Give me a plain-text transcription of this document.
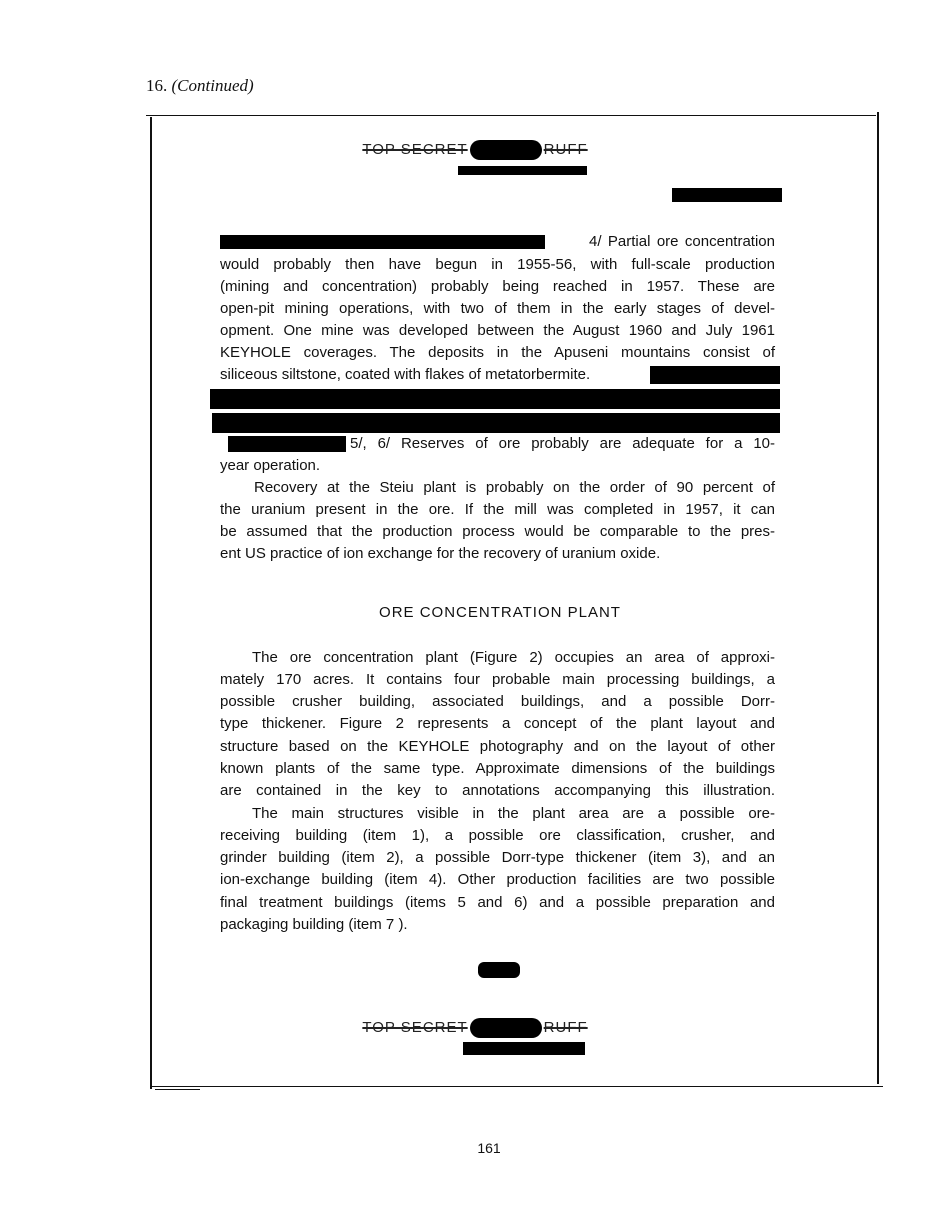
16. (Continued)
TOP SECRET	RUFF
4/ Partial ore concentration
would probably then have begun in 1955-56, with full-scale production
(mining and concentration) probably being reached in 1957. These are
open-pit mining operations, with two of them in the early stages of devel-
opment. One mine was developed between the August 1960 and July 1961
KEYHOLE coverages. The deposits in the Apuseni mountains consist of
siliceous siltstone, coated with flakes of metatorbermite.
5/, 6/ Reserves of ore probably are adequate for a 10-
year operation.
Recovery at the Steiu plant is probably on the order of 90 percent of
the uranium present in the ore. If the mill was completed in 1957, it can
be assumed that the production process would be comparable to the pres-
ent US practice of ion exchange for the recovery of uranium oxide.
ORE CONCENTRATION PLANT
The ore concentration plant (Figure 2) occupies an area of approxi-
mately 170 acres. It contains four probable main processing buildings, a
possible crusher building, associated buildings, and a possible Dorr-
type thickener. Figure 2 represents a concept of the plant layout and
structure based on the KEYHOLE photography and on the layout of other
known plants of the same type. Approximate dimensions of the buildings
are contained in the key to annotations accompanying this illustration.
The main structures visible in the plant area are a possible ore-
receiving building (item 1), a possible ore classification, crusher, and
grinder building (item 2), a possible Dorr-type thickener (item 3), and an
ion-exchange building (item 4). Other production facilities are two possible
final treatment buildings (items 5 and 6) and a possible preparation and
packaging building (item 7 ).
TOP SECRET	RUFF
161
